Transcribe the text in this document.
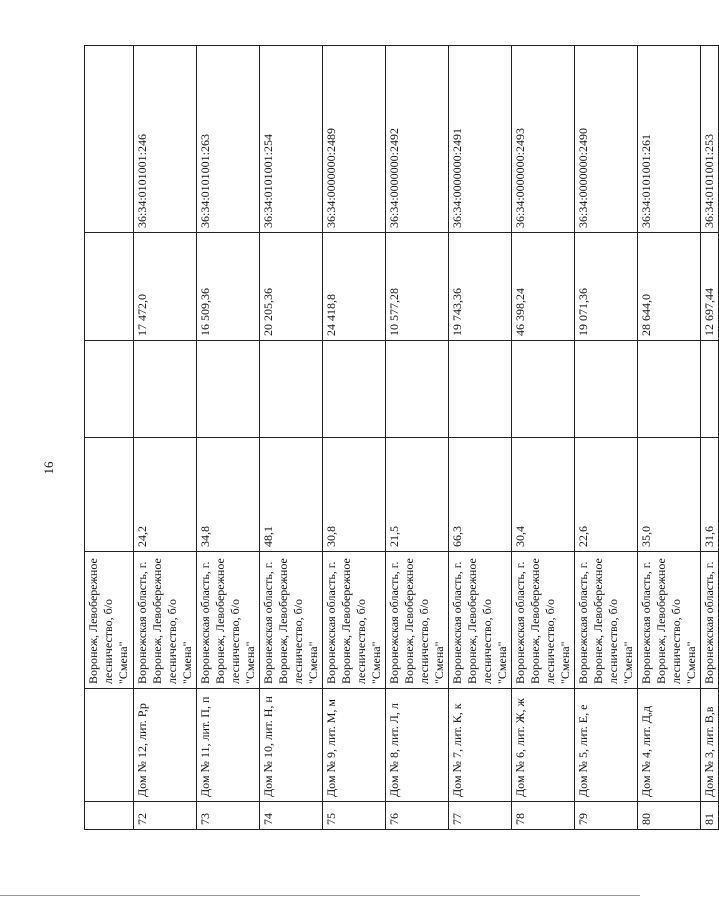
16
		Воронеж, Левобережное лесничество, б/о "Смена"				
72	Дом № 12, лит. Р,р	Воронежская область, г. Воронеж, Левобережное лесничество, б/о "Смена"	24,2		17 472,0	36:34:0101001:246
73	Дом № 11, лит. П, п	Воронежская область, г. Воронеж, Левобережное лесничество, б/о "Смена"	34,8		16 509,36	36:34:0101001:263
74	Дом № 10, лит. Н, н	Воронежская область, г. Воронеж, Левобережное лесничество, б/о "Смена"	48,1		20 205,36	36:34:0101001:254
75	Дом № 9, лит. М, м	Воронежская область, г. Воронеж, Левобережное лесничество, б/о "Смена"	30,8		24 418,8	36:34:0000000:2489
76	Дом № 8, лит. Л, л	Воронежская область, г. Воронеж, Левобережное лесничество, б/о "Смена"	21,5		10 577,28	36:34:0000000:2492
77	Дом № 7, лит. К, к	Воронежская область, г. Воронеж, Левобережное лесничество, б/о "Смена"	66,3		19 743,36	36:34:0000000:2491
78	Дом № 6, лит. Ж, ж	Воронежская область, г. Воронеж, Левобережное лесничество, б/о "Смена"	30,4		46 398,24	36:34:0000000:2493
79	Дом № 5, лит. Е, е	Воронежская область, г. Воронеж, Левобережное лесничество, б/о "Смена"	22,6		19 071,36	36:34:0000000:2490
80	Дом № 4, лит. Д,д	Воронежская область, г. Воронеж, Левобережное лесничество, б/о "Смена"	35,0		28 644,0	36:34:0101001:261
81	Дом № 3, лит. В,в	Воронежская область, г.	31,6		12 697,44	36:34:0101001:253
